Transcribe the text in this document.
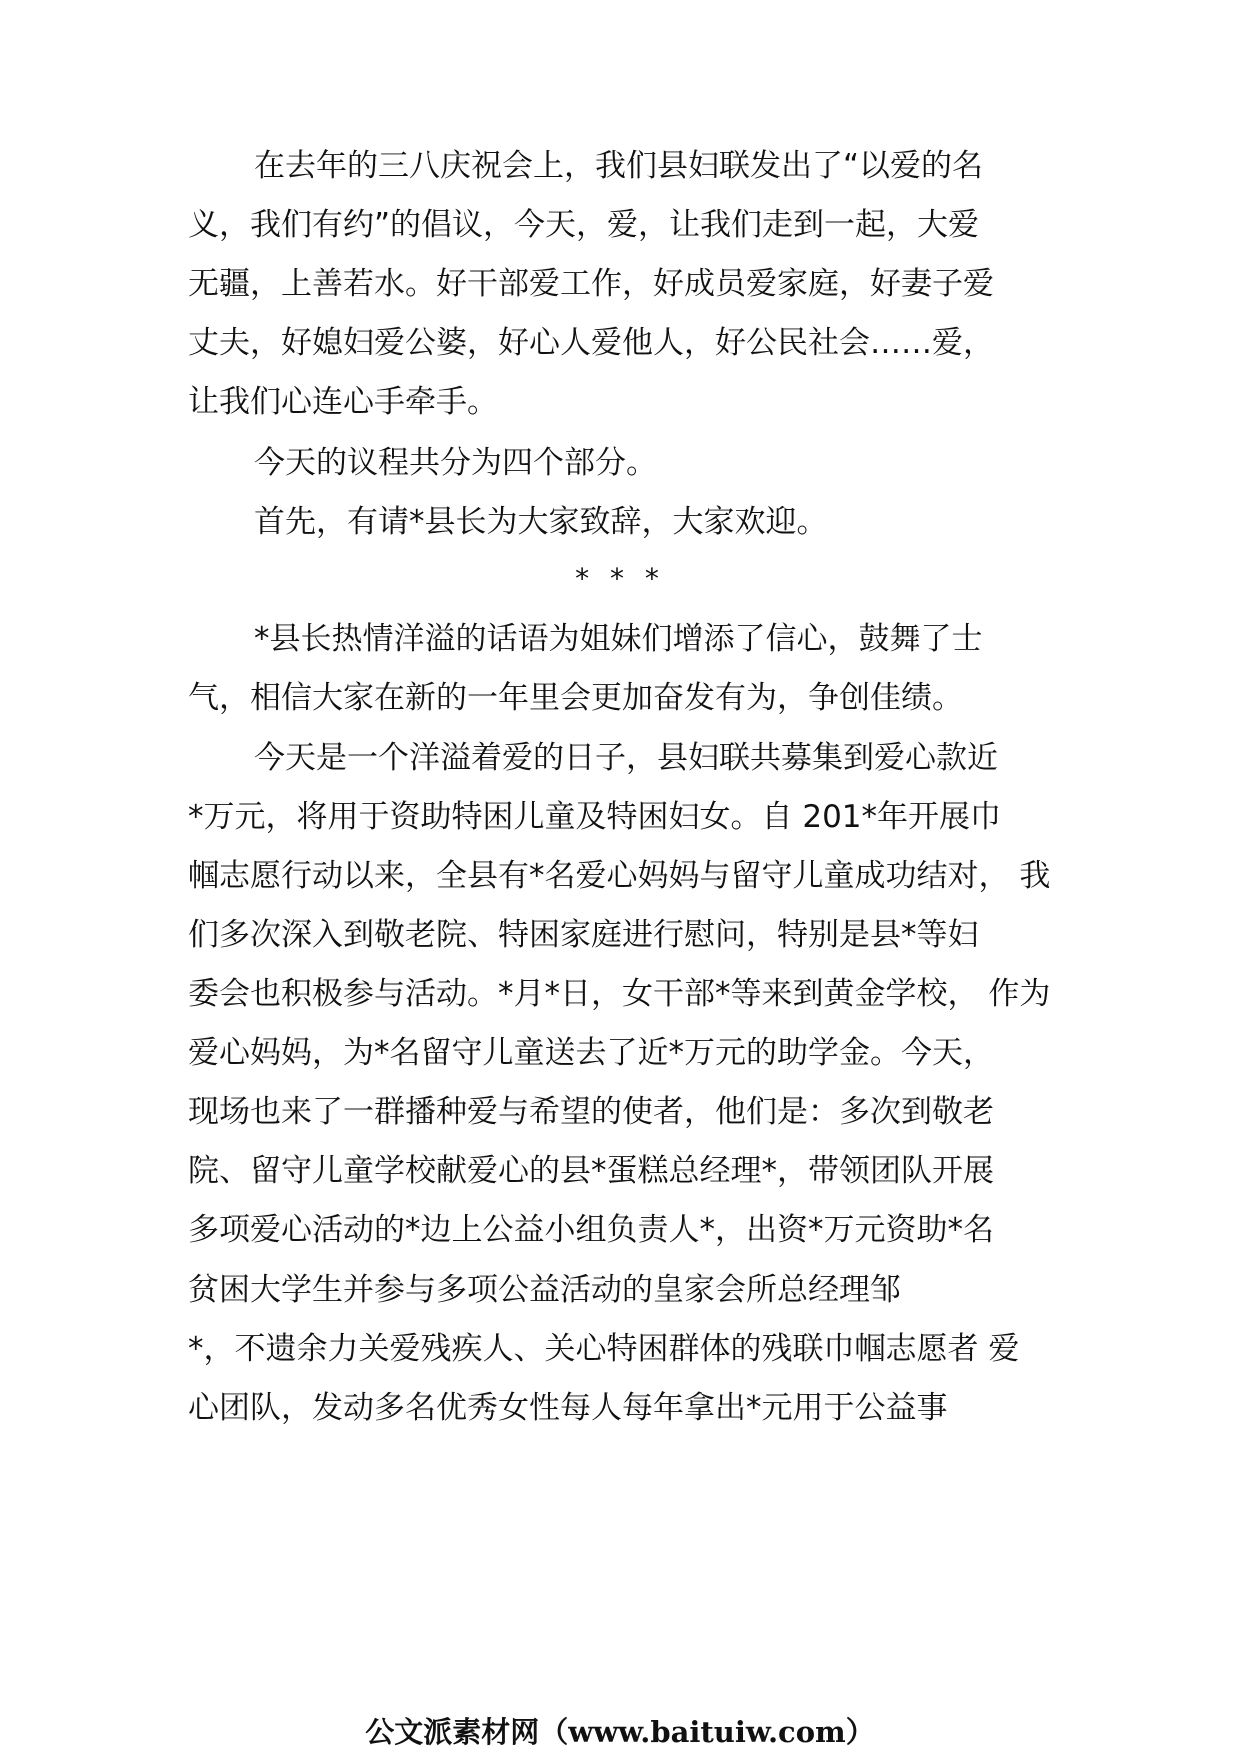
在去年的三八庆祝会上，我们县妇联发出了“以爱的名
义，我们有约”的倡议，今天，爱，让我们走到一起，大爱
无疆，上善若水。好干部爱工作，好成员爱家庭，好妻子爱
丈夫，好媳妇爱公婆，好心人爱他人，好公民社会……爱，
让我们心连心手牵手。
今天的议程共分为四个部分。
首先，有请*县长为大家致辞，大家欢迎。
* * *
*县长热情洋溢的话语为姐妹们增添了信心，鼓舞了士
气，相信大家在新的一年里会更加奋发有为，争创佳绩。
今天是一个洋溢着爱的日子，县妇联共募集到爱心款近
*万元，将用于资助特困儿童及特困妇女。自 201*年开展巾
帼志愿行动以来，全县有*名爱心妈妈与留守儿童成功结对， 我
们多次深入到敬老院、特困家庭进行慰问，特别是县*等妇
委会也积极参与活动。*月*日，女干部*等来到黄金学校， 作为
爱心妈妈，为*名留守儿童送去了近*万元的助学金。今天，
现场也来了一群播种爱与希望的使者，他们是：多次到敬老
院、留守儿童学校献爱心的县*蛋糕总经理*，带领团队开展
多项爱心活动的*边上公益小组负责人*，出资*万元资助*名
贫困大学生并参与多项公益活动的皇家会所总经理邹
*，不遗余力关爱残疾人、关心特困群体的残联巾帼志愿者 爱
心团队，发动多名优秀女性每人每年拿出*元用于公益事
公文派素材网（www.baituiw.com）
